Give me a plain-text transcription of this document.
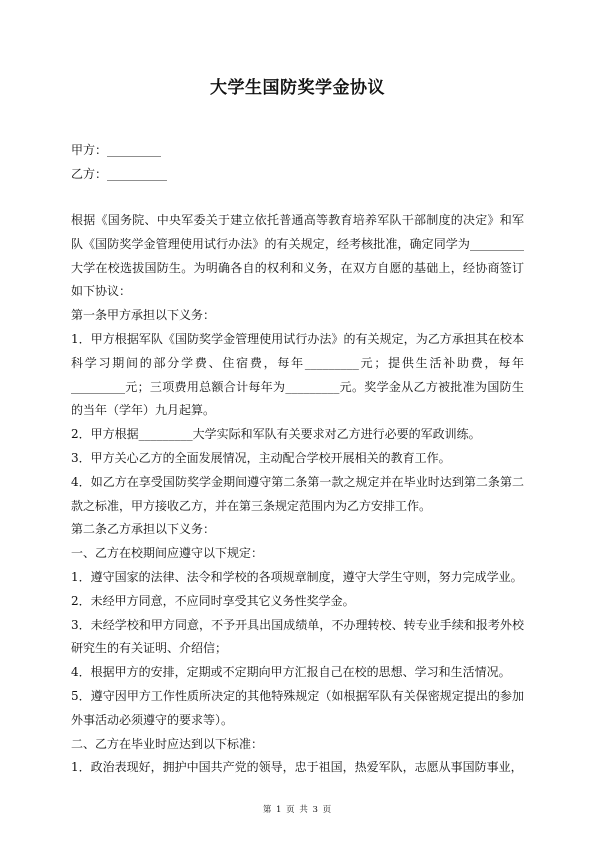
大学生国防奖学金协议
甲方：_________
乙方：__________

根据《国务院、中央军委关于建立依托普通高等教育培养军队干部制度的决定》和军队《国防奖学金管理使用试行办法》的有关规定，经考核批准，确定同学为_________大学在校选拔国防生。为明确各自的权利和义务，在双方自愿的基础上，经协商签订如下协议：

第一条甲方承担以下义务：

1．甲方根据军队《国防奖学金管理使用试行办法》的有关规定，为乙方承担其在校本科学习期间的部分学费、住宿费，每年_________元；提供生活补助费，每年_________元；三项费用总额合计每年为_________元。奖学金从乙方被批准为国防生的当年（学年）九月起算。

2．甲方根据_________大学实际和军队有关要求对乙方进行必要的军政训练。

3．甲方关心乙方的全面发展情况，主动配合学校开展相关的教育工作。

4．如乙方在享受国防奖学金期间遵守第二条第一款之规定并在毕业时达到第二条第二款之标准，甲方接收乙方，并在第三条规定范围内为乙方安排工作。

第二条乙方承担以下义务：

一、乙方在校期间应遵守以下规定：

1．遵守国家的法律、法令和学校的各项规章制度，遵守大学生守则，努力完成学业。

2．未经甲方同意，不应同时享受其它义务性奖学金。

3．未经学校和甲方同意，不予开具出国成绩单，不办理转校、转专业手续和报考外校研究生的有关证明、介绍信；

4．根据甲方的安排，定期或不定期向甲方汇报自己在校的思想、学习和生活情况。

5．遵守因甲方工作性质所决定的其他特殊规定（如根据军队有关保密规定提出的参加外事活动必须遵守的要求等）。

二、乙方在毕业时应达到以下标准：

1．政治表现好，拥护中国共产党的领导，忠于祖国，热爱军队，志愿从事国防事业，

第 1 页 共 3 页
